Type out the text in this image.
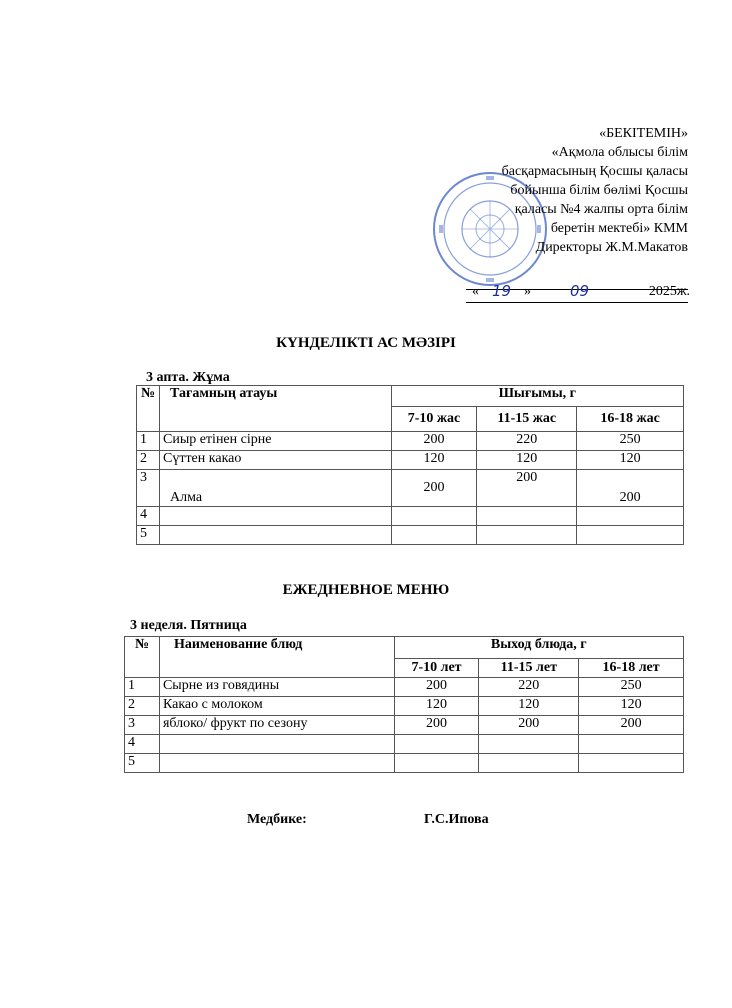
«БЕКІТЕМІН»
«Ақмола облысы білім
басқармасының Қосшы қаласы
бойынша білім бөлімі Қосшы
қаласы №4 жалпы орта білім
беретін мектебі» КММ
Директоры Ж.М.Макатов
« 19 »	09	2025ж.
КҮНДЕЛІКТІ АС МӘЗІРІ
3 апта. Жұма
№	Тағамның атауы	Шығымы, г		
		7-10 жас	11-15 жас	16-18 жас
1	Сиыр етінен сірне	200	220	250
2	Сүттен какао	120	120	120
3	Алма	200	200	200
4				
5				
ЕЖЕДНЕВНОЕ МЕНЮ
3 неделя. Пятница
№	Наименование блюд	Выход блюда, г		
		7-10 лет	11-15 лет	16-18 лет
1	Сырне из говядины	200	220	250
2	Какао с молоком	120	120	120
3	яблоко/ фрукт по сезону	200	200	200
4				
5				
Медбике:	Г.С.Ипова
